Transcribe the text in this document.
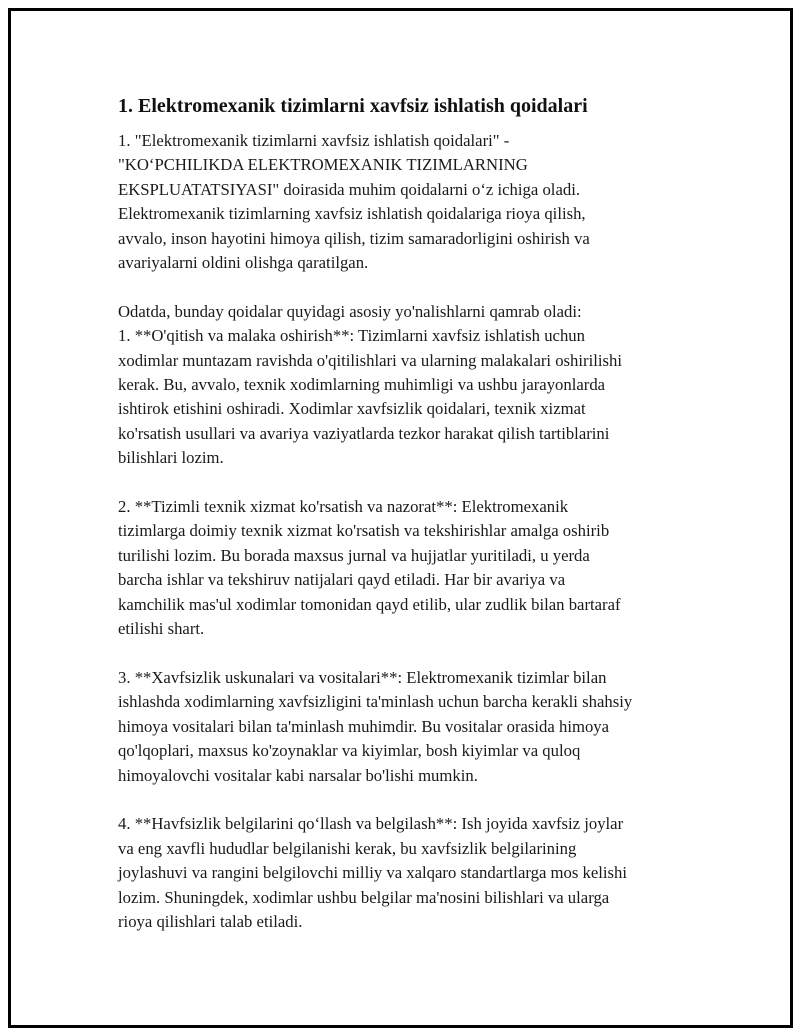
1. Elektromexanik tizimlarni xavfsiz ishlatish qoidalari

1. "Elektromexanik tizimlarni xavfsiz ishlatish qoidalari" -
"KO‘PCHILIKDA ELEKTROMEXANIK TIZIMLARNING
EKSPLUATATSIYASI" doirasida muhim qoidalarni o‘z ichiga oladi.
Elektromexanik tizimlarning xavfsiz ishlatish qoidalariga rioya qilish,
avvalo, inson hayotini himoya qilish, tizim samaradorligini oshirish va
avariyalarni oldini olishga qaratilgan.

Odatda, bunday qoidalar quyidagi asosiy yo'nalishlarni qamrab oladi:
1. **O'qitish va malaka oshirish**: Tizimlarni xavfsiz ishlatish uchun
xodimlar muntazam ravishda o'qitilishlari va ularning malakalari oshirilishi
kerak. Bu, avvalo, texnik xodimlarning muhimligi va ushbu jarayonlarda
ishtirok etishini oshiradi. Xodimlar xavfsizlik qoidalari, texnik xizmat
ko'rsatish usullari va avariya vaziyatlarda tezkor harakat qilish tartiblarini
bilishlari lozim.

2. **Tizimli texnik xizmat ko'rsatish va nazorat**: Elektromexanik
tizimlarga doimiy texnik xizmat ko'rsatish va tekshirishlar amalga oshirib
turilishi lozim. Bu borada maxsus jurnal va hujjatlar yuritiladi, u yerda
barcha ishlar va tekshiruv natijalari qayd etiladi. Har bir avariya va
kamchilik mas'ul xodimlar tomonidan qayd etilib, ular zudlik bilan bartaraf
etilishi shart.

3. **Xavfsizlik uskunalari va vositalari**: Elektromexanik tizimlar bilan
ishlashda xodimlarning xavfsizligini ta'minlash uchun barcha kerakli shahsiy
himoya vositalari bilan ta'minlash muhimdir. Bu vositalar orasida himoya
qo'lqoplari, maxsus ko'zoynaklar va kiyimlar, bosh kiyimlar va quloq
himoyalovchi vositalar kabi narsalar bo'lishi mumkin.

4. **Havfsizlik belgilarini qo‘llash va belgilash**: Ish joyida xavfsiz joylar
va eng xavfli hududlar belgilanishi kerak, bu xavfsizlik belgilarining
joylashuvi va rangini belgilovchi milliy va xalqaro standartlarga mos kelishi
lozim. Shuningdek, xodimlar ushbu belgilar ma'nosini bilishlari va ularga
rioya qilishlari talab etiladi.
